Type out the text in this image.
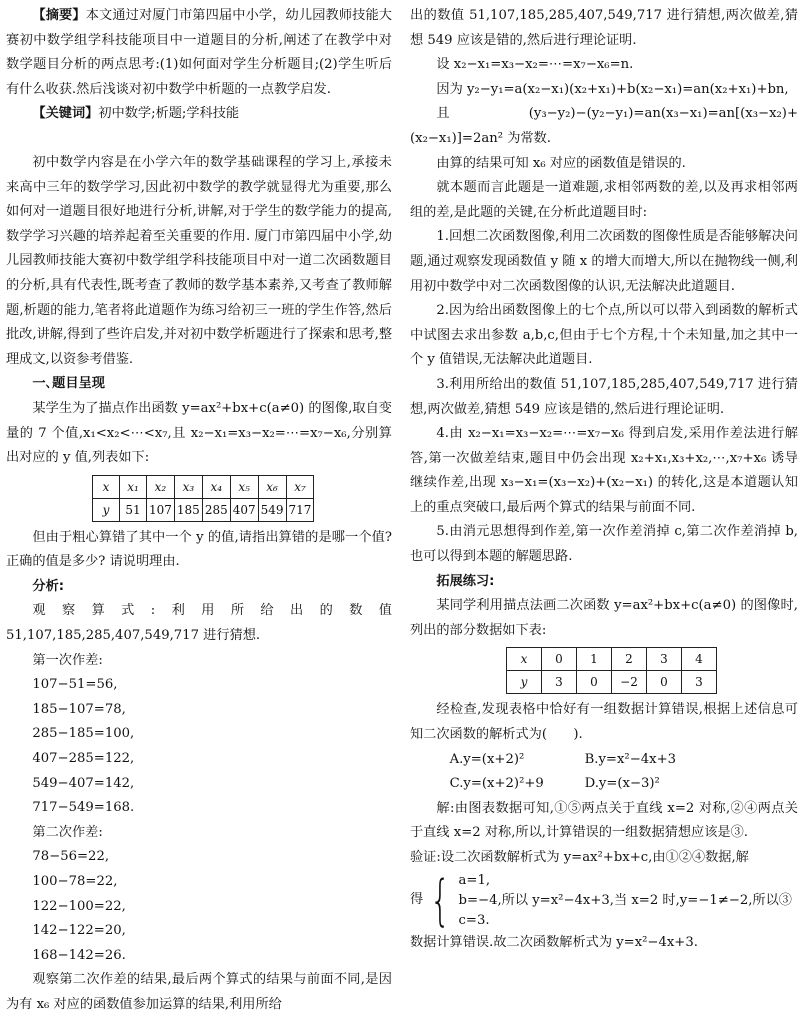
【摘要】本文通过对厦门市第四届中小学，幼儿园教师技能大赛初中数学组学科技能项目中一道题目的分析,阐述了在教学中对数学题目分析的两点思考:(1)如何面对学生分析题目;(2)学生听后有什么收获.然后浅谈对初中数学中析题的一点教学启发.

【关键词】初中数学;析题;学科技能

初中数学内容是在小学六年的数学基础课程的学习上,承接未来高中三年的数学学习,因此初中数学的教学就显得尤为重要,那么如何对一道题目很好地进行分析,讲解,对于学生的数学能力的提高,数学学习兴趣的培养起着至关重要的作用. 厦门市第四届中小学,幼儿园教师技能大赛初中数学组学科技能项目中对一道二次函数题目的分析,具有代表性,既考查了教师的数学基本素养,又考查了教师解题,析题的能力,笔者将此道题作为练习给初三一班的学生作答,然后批改,讲解,得到了些许启发,并对初中数学析题进行了探索和思考,整理成文,以资参考借鉴.

一､题目呈现

某学生为了描点作出函数 y=ax²+bx+c(a≠0) 的图像,取自变量的 7 个值,x₁<x₂<⋯<x₇,且 x₂−x₁=x₃−x₂=⋯=x₇−x₆,分别算出对应的 y 值,列表如下:

x	x₁	x₂	x₃	x₄	x₅	x₆	x₇
y	51	107	185	285	407	549	717

但由于粗心算错了其中一个 y 的值,请指出算错的是哪一个值? 正确的值是多少? 请说明理由.

分析:

观察算式:利用所给出的数值 51,107,185,285,407,549,717 进行猜想.

第一次作差:

107−51=56,

185−107=78,

285−185=100,

407−285=122,

549−407=142,

717−549=168.

第二次作差:

78−56=22,

100−78=22,

122−100=22,

142−122=20,

168−142=26.

观察第二次作差的结果,最后两个算式的结果与前面不同,是因为有 x₆ 对应的函数值参加运算的结果,利用所给

出的数值 51,107,185,285,407,549,717 进行猜想,两次做差,猜想 549 应该是错的,然后进行理论证明.

设 x₂−x₁=x₃−x₂=⋯=x₇−x₆=n.

因为 y₂−y₁=a(x₂−x₁)(x₂+x₁)+b(x₂−x₁)=an(x₂+x₁)+bn,

且(y₃−y₂)−(y₂−y₁)=an(x₃−x₁)=an[(x₃−x₂)+(x₂−x₁)]=2an² 为常数.

由算的结果可知 x₆ 对应的函数值是错误的.

就本题而言此题是一道难题,求相邻两数的差,以及再求相邻两组的差,是此题的关键,在分析此道题目时:

1.回想二次函数图像,利用二次函数的图像性质是否能够解决问题,通过观察发现函数值 y 随 x 的增大而增大,所以在抛物线一侧,利用初中数学中对二次函数图像的认识,无法解决此道题目.

2.因为给出函数图像上的七个点,所以可以带入到函数的解析式中试图去求出参数 a,b,c,但由于七个方程,十个未知量,加之其中一个 y 值错误,无法解决此道题目.

3.利用所给出的数值 51,107,185,285,407,549,717 进行猜想,两次做差,猜想 549 应该是错的,然后进行理论证明.

4.由 x₂−x₁=x₃−x₂=⋯=x₇−x₆ 得到启发,采用作差法进行解答,第一次做差结束,题目中仍会出现 x₂+x₁,x₃+x₂,⋯,x₇+x₆ 诱导继续作差,出现 x₃−x₁=(x₃−x₂)+(x₂−x₁) 的转化,这是本道题认知上的重点突破口,最后两个算式的结果与前面不同.

5.由消元思想得到作差,第一次作差消掉 c,第二次作差消掉 b,也可以得到本题的解题思路.

拓展练习:

某同学利用描点法画二次函数 y=ax²+bx+c(a≠0) 的图像时,列出的部分数据如下表:

x	0	1	2	3	4
y	3	0	−2	0	3

经检查,发现表格中恰好有一组数据计算错误,根据上述信息可知二次函数的解析式为(　　).

A.y=(x+2)²	B.y=x²−4x+3

C.y=(x+2)²+9	D.y=(x−3)²

解:由图表数据可知,①⑤两点关于直线 x=2 对称,②④两点关于直线 x=2 对称,所以,计算错误的一组数据猜想应该是③.

验证:设二次函数解析式为 y=ax²+bx+c,由①②④数据,解

得 { a=1,
b=−4,所以 y=x²−4x+3,当 x=2 时,y=−1≠−2,所以③
c=3.

数据计算错误.故二次函数解析式为 y=x²−4x+3.
